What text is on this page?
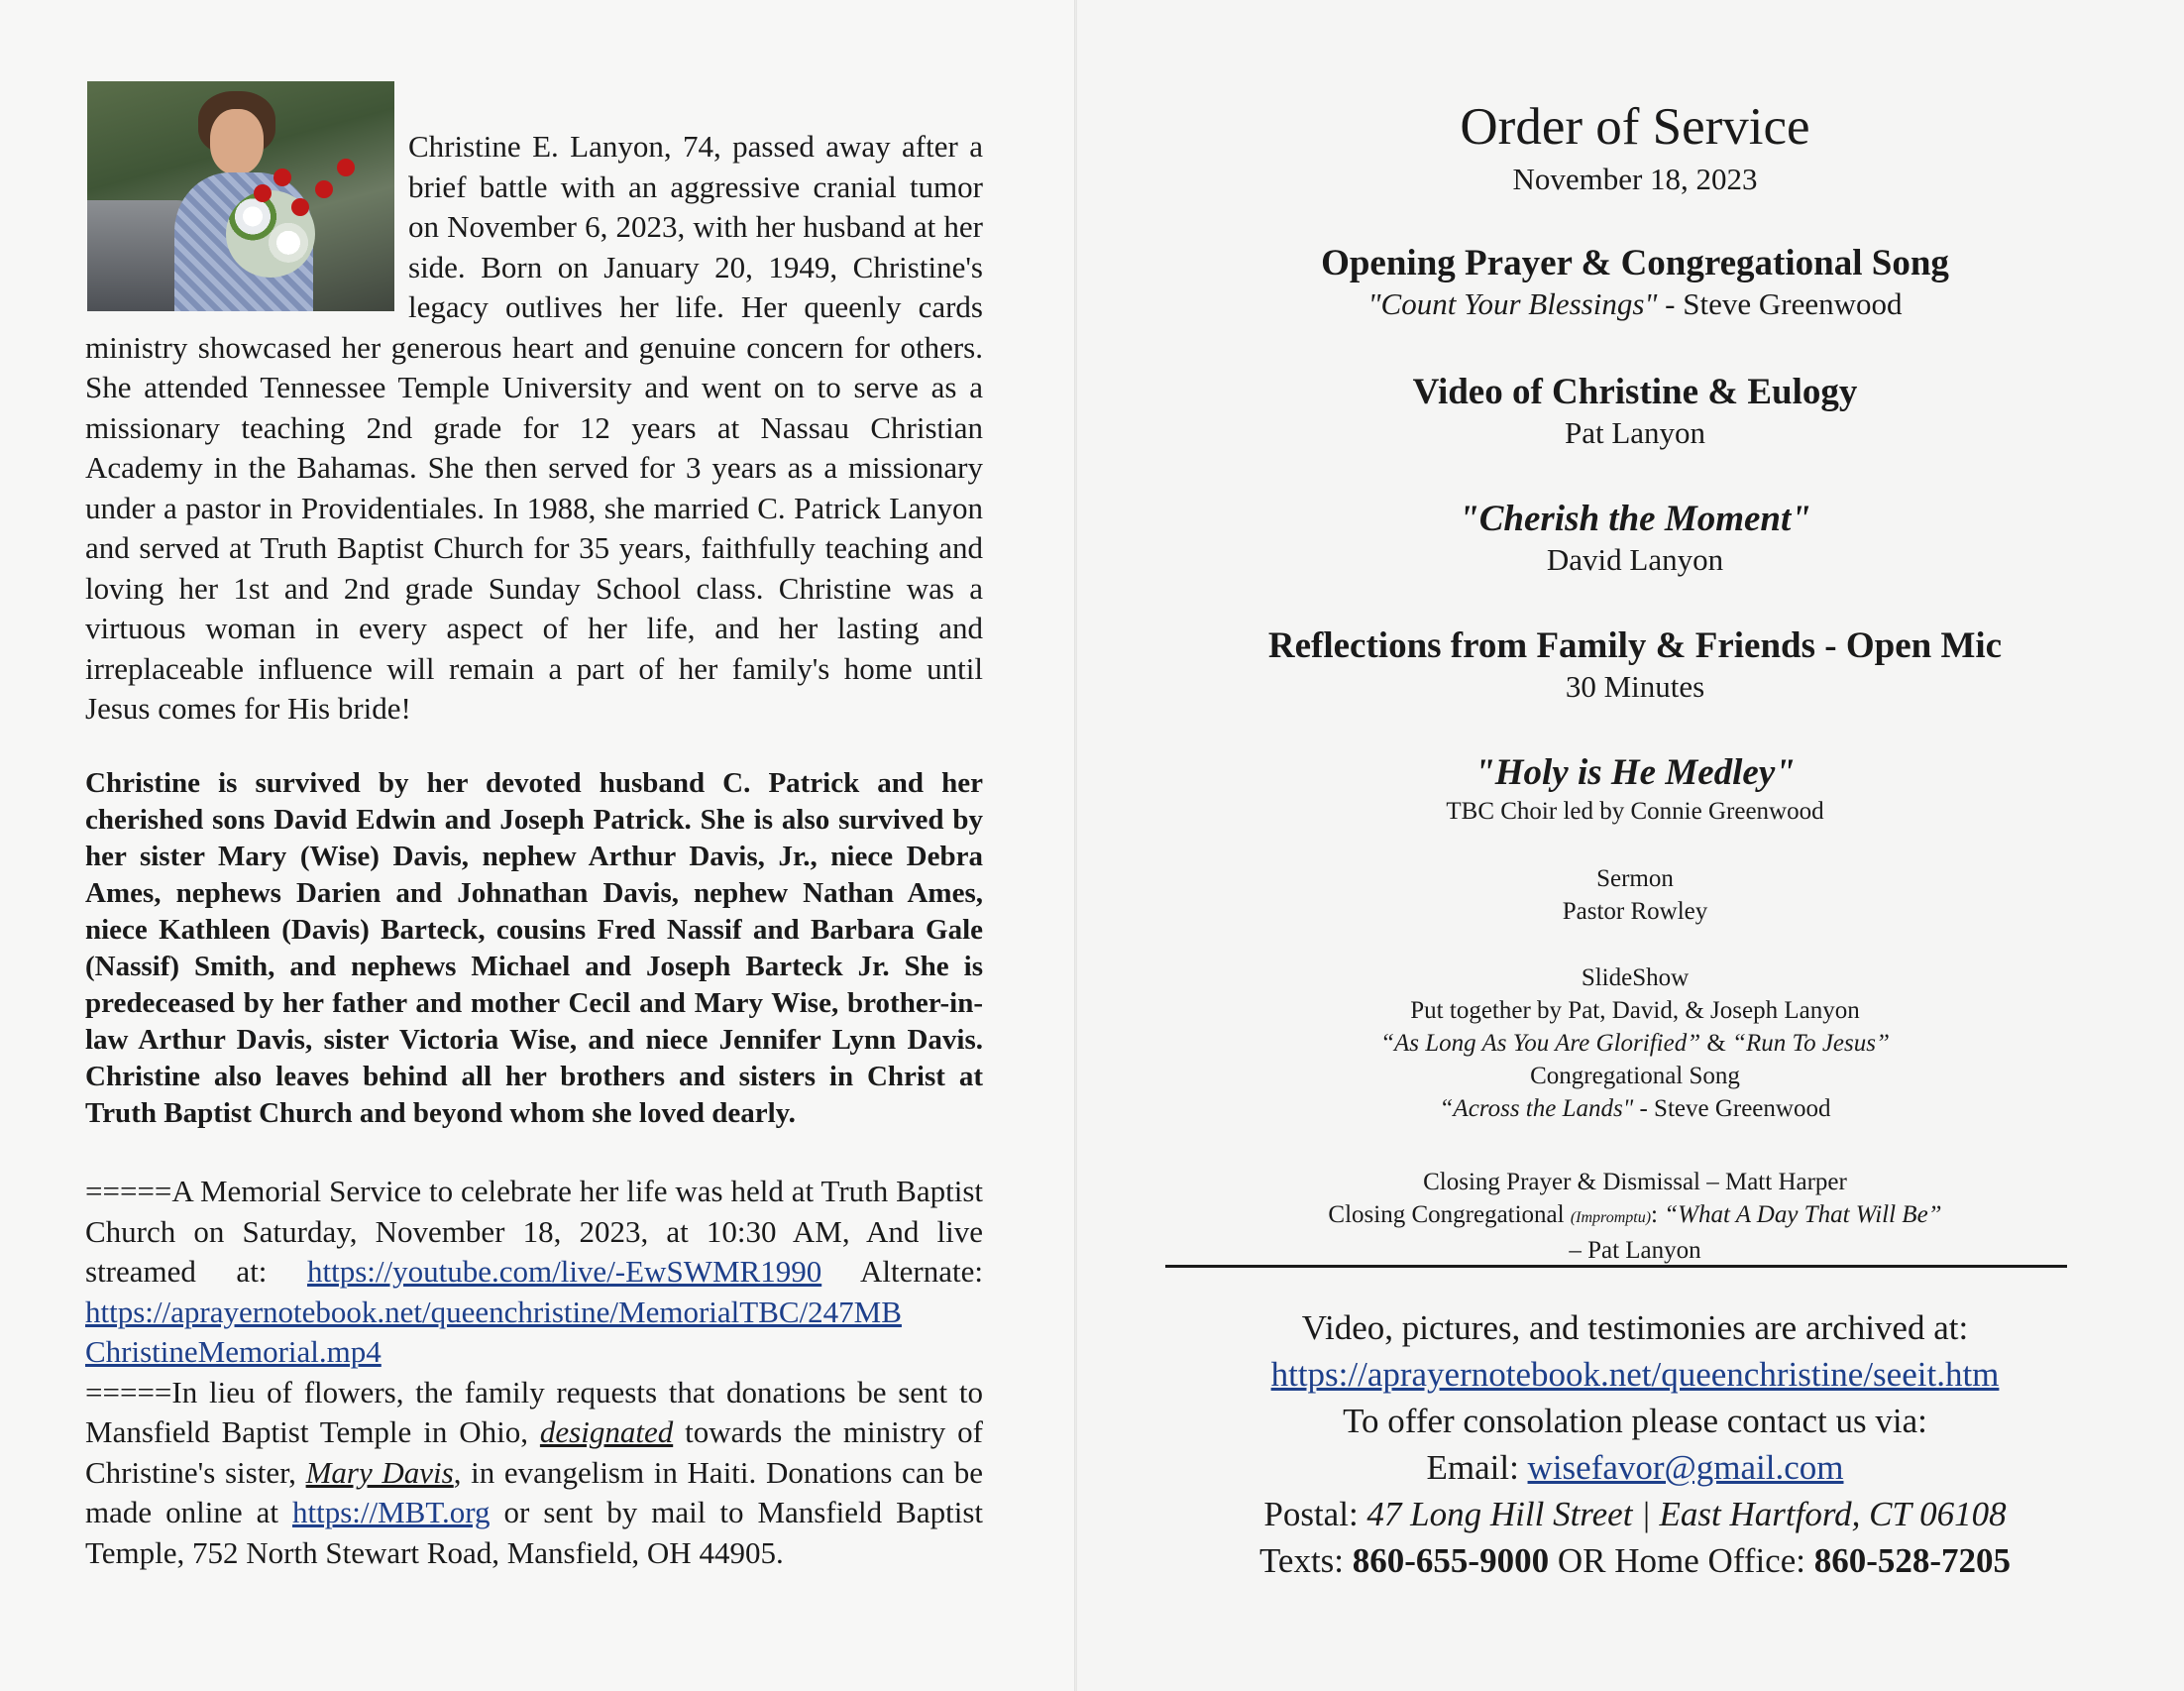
Christine E. Lanyon, 74, passed away after a brief battle with an aggressive cranial tumor on November 6, 2023, with her husband at her side. Born on January 20, 1949, Christine's legacy outlives her life. Her queenly cards ministry showcased her generous heart and genuine concern for others. She attended Tennessee Temple University and went on to serve as a missionary teaching 2nd grade for 12 years at Nassau Christian Academy in the Bahamas. She then served for 3 years as a missionary under a pastor in Providentiales. In 1988, she married C. Patrick Lanyon and served at Truth Baptist Church for 35 years, faithfully teaching and loving her 1st and 2nd grade Sunday School class. Christine was a virtuous woman in every aspect of her life, and her lasting and irreplaceable influence will remain a part of her family's home until Jesus comes for His bride!
Christine is survived by her devoted husband C. Patrick and her cherished sons David Edwin and Joseph Patrick. She is also survived by her sister Mary (Wise) Davis, nephew Arthur Davis, Jr., niece Debra Ames, nephews Darien and Johnathan Davis, nephew Nathan Ames, niece Kathleen (Davis) Barteck, cousins Fred Nassif and Barbara Gale (Nassif) Smith, and nephews Michael and Joseph Barteck Jr. She is predeceased by her father and mother Cecil and Mary Wise, brother-in-law Arthur Davis, sister Victoria Wise, and niece Jennifer Lynn Davis. Christine also leaves behind all her brothers and sisters in Christ at Truth Baptist Church and beyond whom she loved dearly.
=====A Memorial Service to celebrate her life was held at Truth Baptist Church on Saturday, November 18, 2023, at 10:30 AM, And live streamed at: https://youtube.com/live/-EwSWMR1990 Alternate: https://aprayernotebook.net/queenchristine/MemorialTBC/247MB ChristineMemorial.mp4
=====In lieu of flowers, the family requests that donations be sent to Mansfield Baptist Temple in Ohio, designated towards the ministry of Christine's sister, Mary Davis, in evangelism in Haiti. Donations can be made online at https://MBT.org or sent by mail to Mansfield Baptist Temple, 752 North Stewart Road, Mansfield, OH 44905.
Order of Service
November 18, 2023
Opening Prayer & Congregational Song
"Count Your Blessings" - Steve Greenwood
Video of Christine & Eulogy
Pat Lanyon
"Cherish the Moment"
David Lanyon
Reflections from Family & Friends - Open Mic
30 Minutes
"Holy is He Medley"
TBC Choir led by Connie Greenwood
Sermon
Pastor Rowley
SlideShow
Put together by Pat, David, & Joseph Lanyon
“As Long As You Are Glorified” & “Run To Jesus”
Congregational Song
“Across the Lands" - Steve Greenwood
Closing Prayer & Dismissal – Matt Harper
Closing Congregational (Impromptu): “What A Day That Will Be”
– Pat Lanyon
Video, pictures, and testimonies are archived at:
https://aprayernotebook.net/queenchristine/seeit.htm
To offer consolation please contact us via:
Email: wisefavor@gmail.com
Postal: 47 Long Hill Street | East Hartford, CT 06108
Texts: 860-655-9000 OR Home Office: 860-528-7205
